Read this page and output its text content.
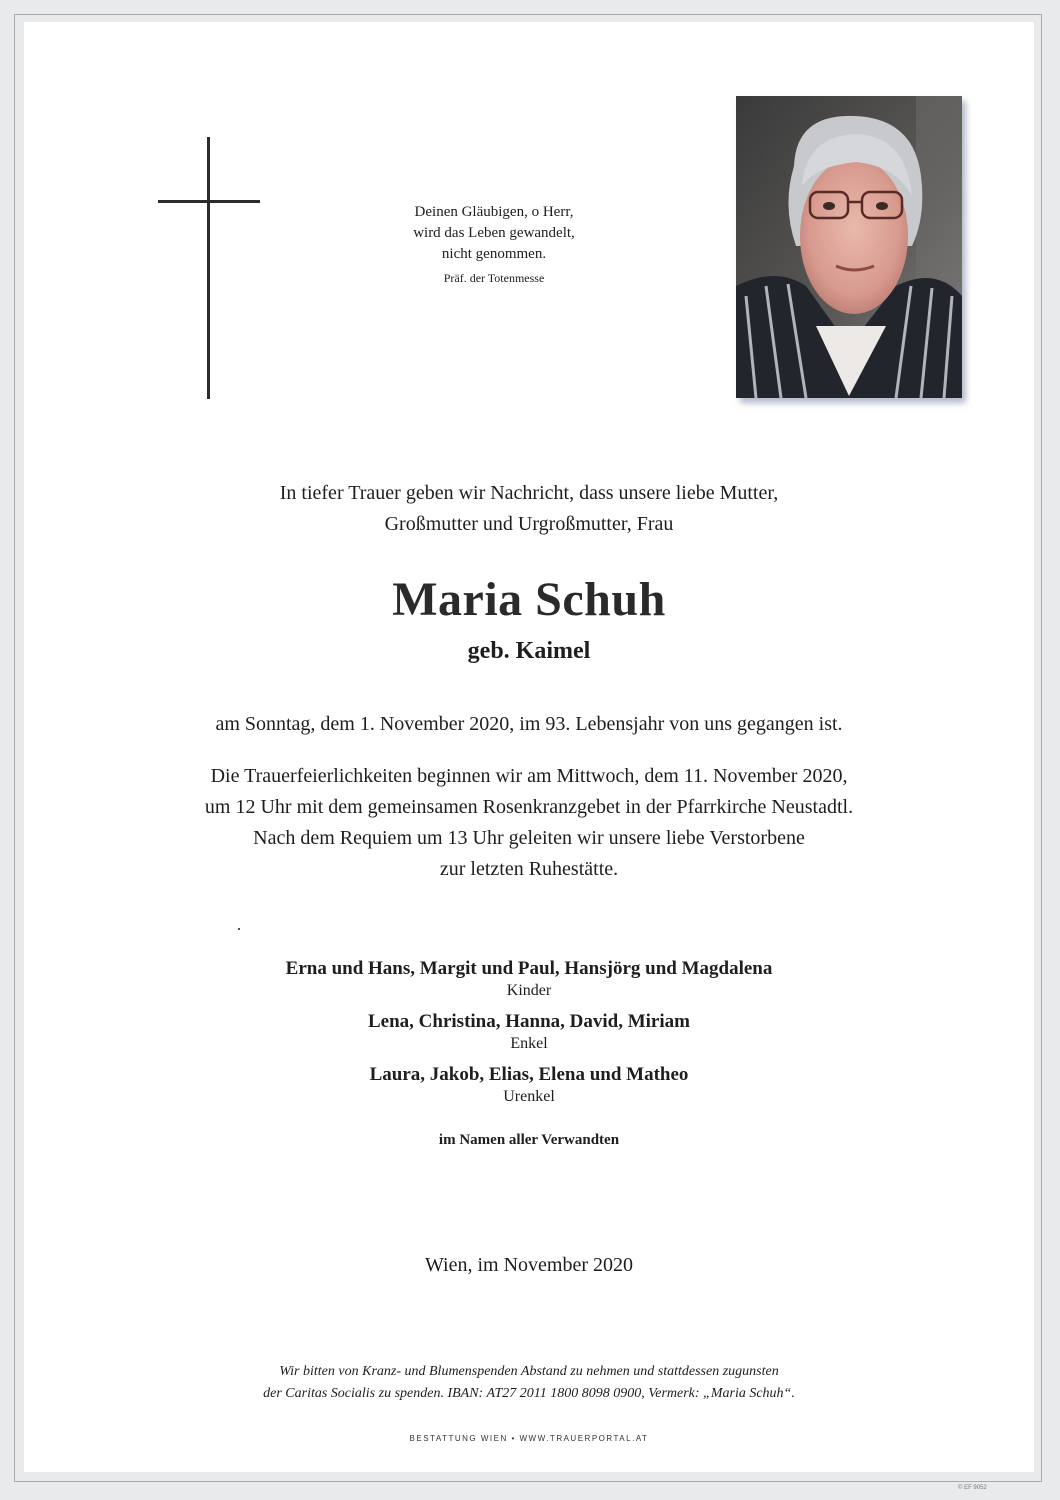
Deinen Gläubigen, o Herr,
wird das Leben gewandelt,
nicht genommen.
Präf. der Totenmesse
In tiefer Trauer geben wir Nachricht, dass unsere liebe Mutter,
Großmutter und Urgroßmutter, Frau
Maria Schuh
geb. Kaimel
am Sonntag, dem 1. November 2020, im 93. Lebensjahr von uns gegangen ist.
Die Trauerfeierlichkeiten beginnen wir am Mittwoch, dem 11. November 2020,
um 12 Uhr mit dem gemeinsamen Rosenkranzgebet in der Pfarrkirche Neustadtl.
Nach dem Requiem um 13 Uhr geleiten wir unsere liebe Verstorbene
zur letzten Ruhestätte.
Erna und Hans, Margit und Paul, Hansjörg und Magdalena
Kinder
Lena, Christina, Hanna, David, Miriam
Enkel
Laura, Jakob, Elias, Elena und Matheo
Urenkel
im Namen aller Verwandten
Wien, im November 2020
Wir bitten von Kranz- und Blumenspenden Abstand zu nehmen und stattdessen zugunsten
der Caritas Socialis zu spenden. IBAN: AT27 2011 1800 8098 0900, Vermerk: „Maria Schuh“.
BESTATTUNG WIEN • WWW.TRAUERPORTAL.AT
© EF 9052
